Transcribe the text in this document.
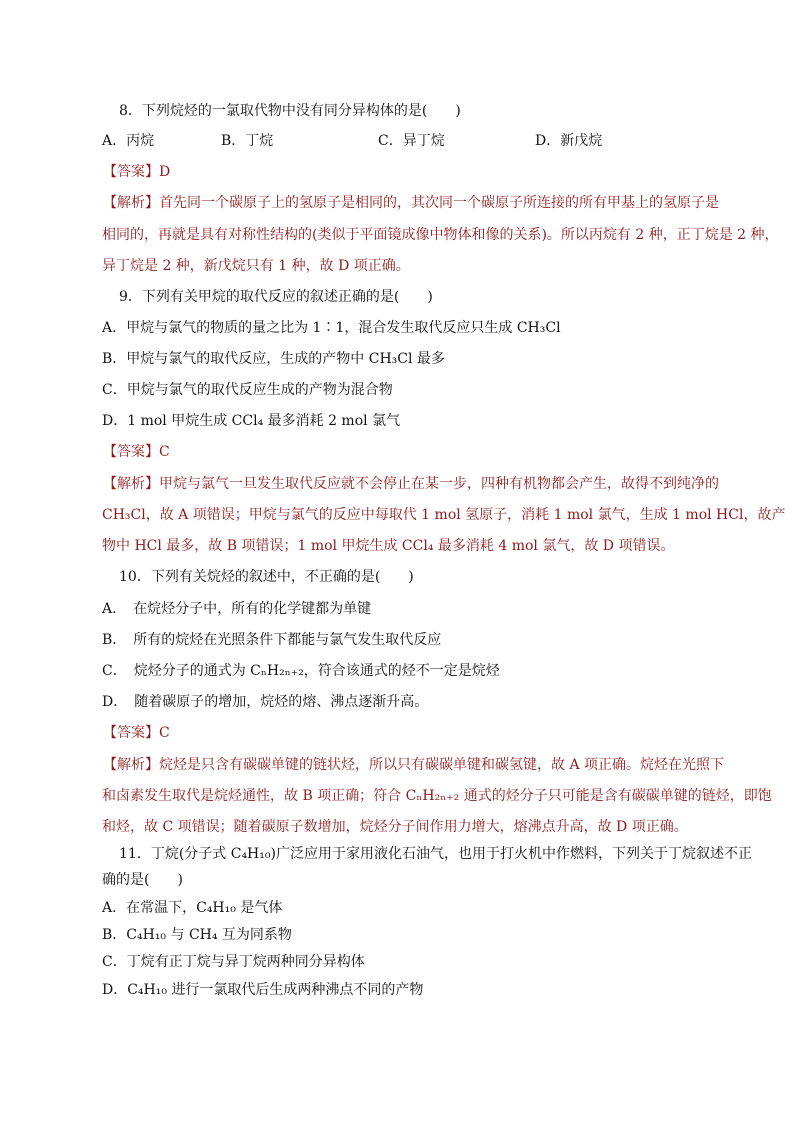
8．下列烷烃的一氯取代物中没有同分异构体的是(　　)
A．丙烷	B．丁烷	C．异丁烷	D．新戊烷
【答案】D
【解析】首先同一个碳原子上的氢原子是相同的，其次同一个碳原子所连接的所有甲基上的氢原子是
相同的，再就是具有对称性结构的(类似于平面镜成像中物体和像的关系)。所以丙烷有 2 种，正丁烷是 2 种，
异丁烷是 2 种，新戊烷只有 1 种，故 D 项正确。
9．下列有关甲烷的取代反应的叙述正确的是(　　)
A．甲烷与氯气的物质的量之比为 1∶1，混合发生取代反应只生成 CH₃Cl
B．甲烷与氯气的取代反应，生成的产物中 CH₃Cl 最多
C．甲烷与氯气的取代反应生成的产物为混合物
D．1 mol 甲烷生成 CCl₄ 最多消耗 2 mol 氯气
【答案】C
【解析】甲烷与氯气一旦发生取代反应就不会停止在某一步，四种有机物都会产生，故得不到纯净的
CH₃Cl，故 A 项错误；甲烷与氯气的反应中每取代 1 mol 氢原子，消耗 1 mol 氯气，生成 1 mol HCl，故产
物中 HCl 最多，故 B 项错误；1 mol 甲烷生成 CCl₄ 最多消耗 4 mol 氯气，故 D 项错误。
10．下列有关烷烃的叙述中，不正确的是(　　)
A．　在烷烃分子中，所有的化学键都为单键
B．　所有的烷烃在光照条件下都能与氯气发生取代反应
C．　烷烃分子的通式为 CₙH₂ₙ₊₂，符合该通式的烃不一定是烷烃
D．　随着碳原子的增加，烷烃的熔、沸点逐渐升高。
【答案】C
【解析】烷烃是只含有碳碳单键的链状烃，所以只有碳碳单键和碳氢键，故 A 项正确。烷烃在光照下
和卤素发生取代是烷烃通性，故 B 项正确；符合 CₙH₂ₙ₊₂ 通式的烃分子只可能是含有碳碳单键的链烃，即饱
和烃，故 C 项错误；随着碳原子数增加，烷烃分子间作用力增大，熔沸点升高，故 D 项正确。
11．丁烷(分子式 C₄H₁₀)广泛应用于家用液化石油气，也用于打火机中作燃料，下列关于丁烷叙述不正
确的是(　　)
A．在常温下，C₄H₁₀ 是气体
B．C₄H₁₀ 与 CH₄ 互为同系物
C．丁烷有正丁烷与异丁烷两种同分异构体
D．C₄H₁₀ 进行一氯取代后生成两种沸点不同的产物
